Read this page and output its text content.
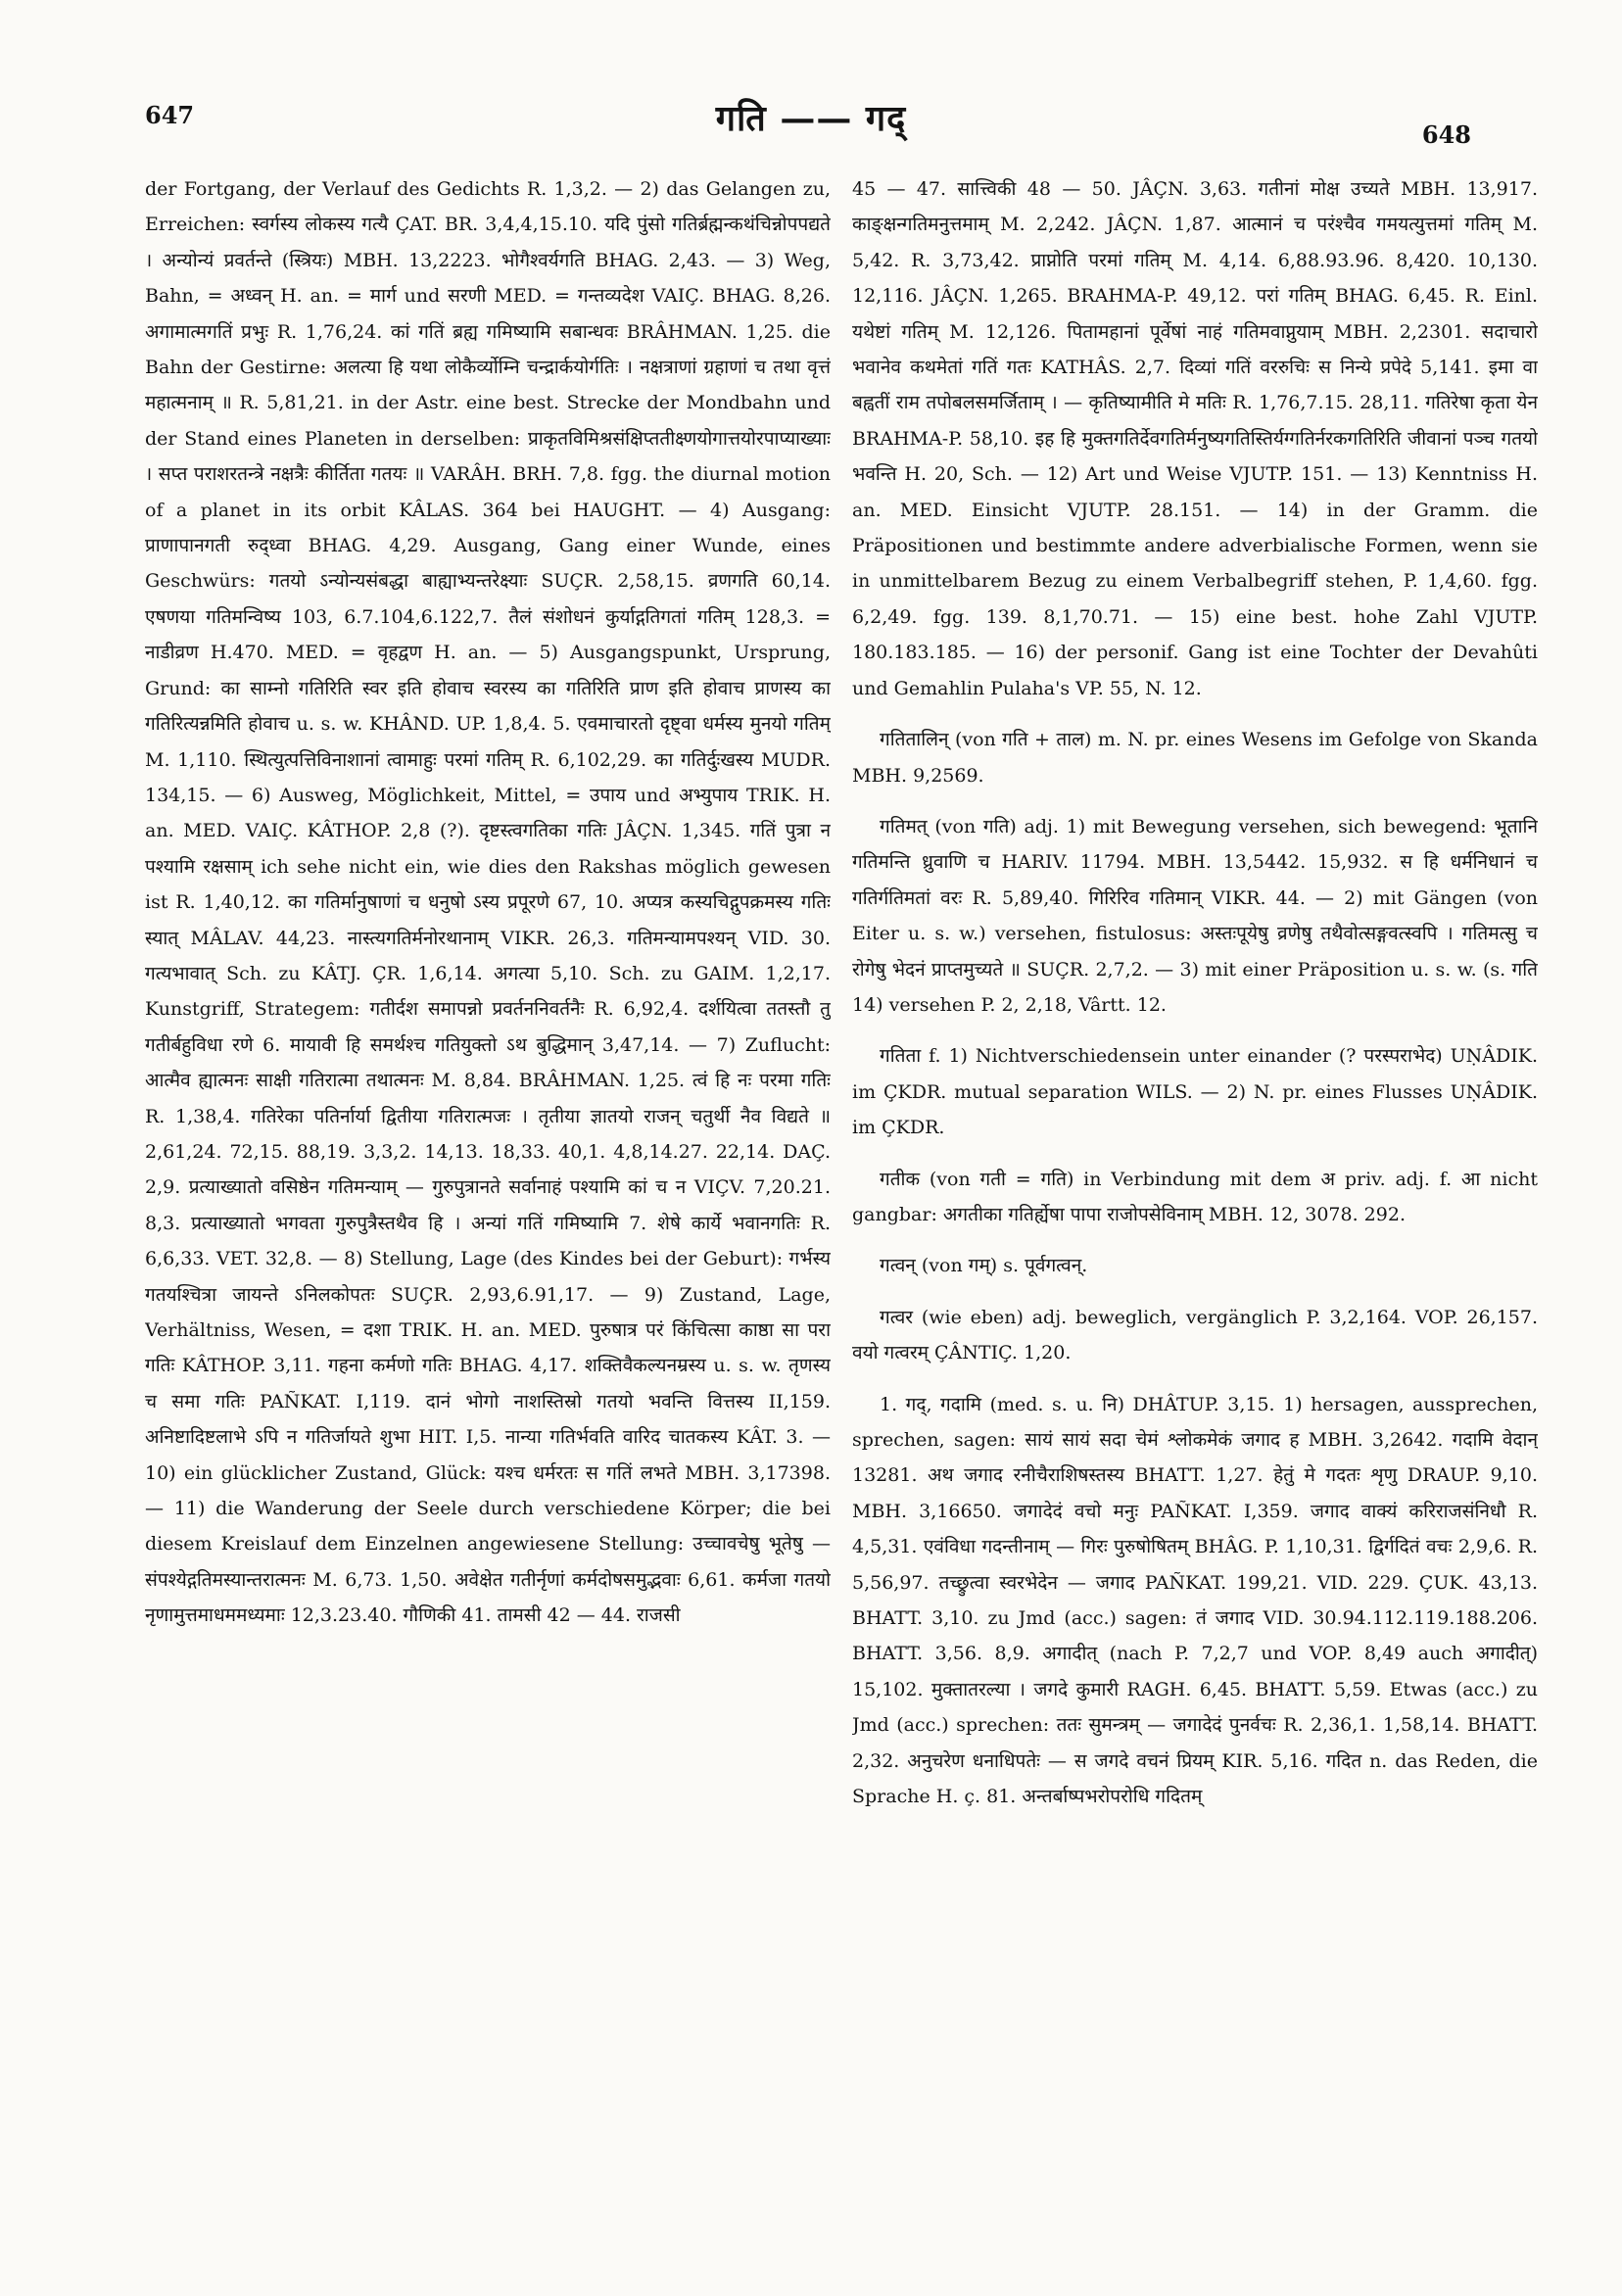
647	गति —— गद्	648

der Fortgang, der Verlauf des Gedichts R. 1,3,2. — 2) das Gelangen zu, Erreichen: स्वर्गस्य लोकस्य गत्यै ÇAT. BR. 3,4,4,15.10. यदि पुंसो गतिर्ब्रह्मन्कथंचिन्नोपपद्यते । अन्योन्यं प्रवर्तन्ते (स्त्रियः) MBH. 13,2223. भोगैश्वर्यगति BHAG. 2,43. — 3) Weg, Bahn, = अध्वन् H. an. = मार्ग und सरणी MED. = गन्तव्यदेश VAIÇ. BHAG. 8,26. अगामात्मगतिं प्रभुः R. 1,76,24. कां गतिं ब्रह्य गमिष्यामि सबान्धवः BRÂHMAN. 1,25. die Bahn der Gestirne: अलत्या हि यथा लोकैर्व्योम्नि चन्द्रार्कयोर्गतिः । नक्षत्राणां ग्रहाणां च तथा वृत्तं महात्मनाम् ॥ R. 5,81,21. in der Astr. eine best. Strecke der Mondbahn und der Stand eines Planeten in derselben: प्राकृतविमिश्रसंक्षिप्ततीक्ष्णयोगात्तयोरपाप्याख्याः । सप्त पराशरतन्त्रे नक्षत्रैः कीर्तिता गतयः ॥ VARÂH. BRH. 7,8. fgg. the diurnal motion of a planet in its orbit KÂLAS. 364 bei HAUGHT. — 4) Ausgang: प्राणापानगती रुद्ध्वा BHAG. 4,29. Ausgang, Gang einer Wunde, eines Geschwürs: गतयो ऽन्योन्यसंबद्धा बाह्याभ्यन्तरेक्ष्याः SUÇR. 2,58,15. व्रणगति 60,14. एषणया गतिमन्विष्य 103, 6.7.104,6.122,7. तैलं संशोधनं कुर्याद्गतिगतां गतिम् 128,3. = नाडीव्रण H.470. MED. = वृहद्वण H. an. — 5) Ausgangspunkt, Ursprung, Grund: का साम्नो गतिरिति स्वर इति होवाच स्वरस्य का गतिरिति प्राण इति होवाच प्राणस्य का गतिरित्यन्नमिति होवाच u. s. w. KHÂND. UP. 1,8,4. 5. एवमाचारतो दृष्ट्वा धर्मस्य मुनयो गतिम् M. 1,110. स्थित्युत्पत्तिविनाशानां त्वामाहुः परमां गतिम् R. 6,102,29. का गतिर्दुःखस्य MUDR. 134,15. — 6) Ausweg, Möglichkeit, Mittel, = उपाय und अभ्युपाय TRIK. H. an. MED. VAIÇ. KÂTHOP. 2,8 (?). दृष्टस्त्वगतिका गतिः JÂÇN. 1,345. गतिं पुत्रा न पश्यामि रक्षसाम् ich sehe nicht ein, wie dies den Rakshas möglich gewesen ist R. 1,40,12. का गतिर्मानुषाणां च धनुषो ऽस्य प्रपूरणे 67, 10. अप्यत्र कस्यचिद्गुपक्रमस्य गतिः स्यात् MÂLAV. 44,23. नास्त्यगतिर्मनोरथानाम् VIKR. 26,3. गतिमन्यामपश्यन् VID. 30. गत्यभावात् Sch. zu KÂTJ. ÇR. 1,6,14. अगत्या 5,10. Sch. zu GAIM. 1,2,17. Kunstgriff, Strategem: गतीर्दश समापन्नो प्रवर्तननिवर्तनैः R. 6,92,4. दर्शयित्वा ततस्तौ तु गतीर्बहुविधा रणे 6. मायावी हि समर्थश्च गतियुक्तो ऽथ बुद्धिमान् 3,47,14. — 7) Zuflucht: आत्मैव ह्यात्मनः साक्षी गतिरात्मा तथात्मनः M. 8,84. BRÂHMAN. 1,25. त्वं हि नः परमा गतिः R. 1,38,4. गतिरेका पतिर्नार्या द्वितीया गतिरात्मजः । तृतीया ज्ञातयो राजन् चतुर्थी नैव विद्यते ॥ 2,61,24. 72,15. 88,19. 3,3,2. 14,13. 18,33. 40,1. 4,8,14.27. 22,14. DAÇ. 2,9. प्रत्याख्यातो वसिष्ठेन गतिमन्याम् — गुरुपुत्रानते सर्वानाहं पश्यामि कां च न VIÇV. 7,20.21. 8,3. प्रत्याख्यातो भगवता गुरुपुत्रैस्तथैव हि । अन्यां गतिं गमिष्यामि 7. शेषे कार्ये भवानगतिः R. 6,6,33. VET. 32,8. — 8) Stellung, Lage (des Kindes bei der Geburt): गर्भस्य गतयश्चित्रा जायन्ते ऽनिलकोपतः SUÇR. 2,93,6.91,17. — 9) Zustand, Lage, Verhältniss, Wesen, = दशा TRIK. H. an. MED. पुरुषात्र परं किंचित्सा काष्ठा सा परा गतिः KÂTHOP. 3,11. गहना कर्मणो गतिः BHAG. 4,17. शक्तिवैकल्यनम्रस्य u. s. w. तृणस्य च समा गतिः PAÑKAT. I,119. दानं भोगो नाशस्तिस्रो गतयो भवन्ति वित्तस्य II,159. अनिष्टादिष्टलाभे ऽपि न गतिर्जायते शुभा HIT. I,5. नान्या गतिर्भवति वारिद चातकस्य KÂT. 3. — 10) ein glücklicher Zustand, Glück: यश्च धर्मरतः स गतिं लभते MBH. 3,17398. — 11) die Wanderung der Seele durch verschiedene Körper; die bei diesem Kreislauf dem Einzelnen angewiesene Stellung: उच्चावचेषु भूतेषु — संपश्येद्गतिमस्यान्तरात्मनः M. 6,73. 1,50. अवेक्षेत गतीर्नृणां कर्मदोषसमुद्भवाः 6,61. कर्मजा गतयो नृणामुत्तमाधममध्यमाः 12,3.23.40. गौणिकी 41. तामसी 42 — 44. राजसी

45 — 47. सात्त्विकी 48 — 50. JÂÇN. 3,63. गतीनां मोक्ष उच्यते MBH. 13,917. काङ्क्षन्गतिमनुत्तमाम् M. 2,242. JÂÇN. 1,87. आत्मानं च परंश्चैव गमयत्युत्तमां गतिम् M. 5,42. R. 3,73,42. प्राप्नोति परमां गतिम् M. 4,14. 6,88.93.96. 8,420. 10,130. 12,116. JÂÇN. 1,265. BRAHMA-P. 49,12. परां गतिम् BHAG. 6,45. R. Einl. यथेष्टां गतिम् M. 12,126. पितामहानां पूर्वेषां नाहं गतिमवाप्नुयाम् MBH. 2,2301. सदाचारो भवानेव कथमेतां गतिं गतः KATHÂS. 2,7. दिव्यां गतिं वररुचिः स निन्ये प्रपेदे 5,141. इमा वा बह्वतीं राम तपोबलसमर्जिताम् । — कृतिष्यामीति मे मतिः R. 1,76,7.15. 28,11. गतिरेषा कृता येन BRAHMA-P. 58,10. इह हि मुक्तगतिर्देवगतिर्मनुष्यगतिस्तिर्यग्गतिर्नरकगतिरिति जीवानां पञ्च गतयो भवन्ति H. 20, Sch. — 12) Art und Weise VJUTP. 151. — 13) Kenntniss H. an. MED. Einsicht VJUTP. 28.151. — 14) in der Gramm. die Präpositionen und bestimmte andere adverbialische Formen, wenn sie in unmittelbarem Bezug zu einem Verbalbegriff stehen, P. 1,4,60. fgg. 6,2,49. fgg. 139. 8,1,70.71. — 15) eine best. hohe Zahl VJUTP. 180.183.185. — 16) der personif. Gang ist eine Tochter der Devahûti und Gemahlin Pulaha's VP. 55, N. 12.

गतितालिन् (von गति + ताल) m. N. pr. eines Wesens im Gefolge von Skanda MBH. 9,2569.

गतिमत् (von गति) adj. 1) mit Bewegung versehen, sich bewegend: भूतानि गतिमन्ति ध्रुवाणि च HARIV. 11794. MBH. 13,5442. 15,932. स हि धर्मनिधानं च गतिर्गतिमतां वरः R. 5,89,40. गिरिरिव गतिमान् VIKR. 44. — 2) mit Gängen (von Eiter u. s. w.) versehen, fistulosus: अस्तःपूयेषु व्रणेषु तथैवोत्सङ्गवत्स्वपि । गतिमत्सु च रोगेषु भेदनं प्राप्तमुच्यते ॥ SUÇR. 2,7,2. — 3) mit einer Präposition u. s. w. (s. गति 14) versehen P. 2, 2,18, Vârtt. 12.

गतिता f. 1) Nichtverschiedensein unter einander (? परस्पराभेद) UṆÂDIK. im ÇKDR. mutual separation WILS. — 2) N. pr. eines Flusses UṆÂDIK. im ÇKDR.

गतीक (von गती = गति) in Verbindung mit dem अ priv. adj. f. आ nicht gangbar: अगतीका गतिर्ह्येषा पापा राजोपसेविनाम् MBH. 12, 3078. 292.

गत्वन् (von गम्) s. पूर्वगत्वन्.

गत्वर (wie eben) adj. beweglich, vergänglich P. 3,2,164. VOP. 26,157. वयो गत्वरम् ÇÂNTIÇ. 1,20.

1. गद्, गदामि (med. s. u. नि) DHÂTUP. 3,15. 1) hersagen, aussprechen, sprechen, sagen: सायं सायं सदा चेमं श्लोकमेकं जगाद ह MBH. 3,2642. गदामि वेदान् 13281. अथ जगाद रनीचैराशिषस्तस्य BHATT. 1,27. हेतुं मे गदतः शृणु DRAUP. 9,10. MBH. 3,16650. जगादेदं वचो मनुः PAÑKAT. I,359. जगाद वाक्यं करिराजसंनिधौ R. 4,5,31. एवंविधा गदन्तीनाम् — गिरः पुरुषोषितम् BHÂG. P. 1,10,31. द्विर्गदितं वचः 2,9,6. R. 5,56,97. तच्छ्रुत्वा स्वरभेदेन — जगाद PAÑKAT. 199,21. VID. 229. ÇUK. 43,13. BHATT. 3,10. zu Jmd (acc.) sagen: तं जगाद VID. 30.94.112.119.188.206. BHATT. 3,56. 8,9. अगादीत् (nach P. 7,2,7 und VOP. 8,49 auch अगादीत्) 15,102. मुक्तातरल्या । जगदे कुमारी RAGH. 6,45. BHATT. 5,59. Etwas (acc.) zu Jmd (acc.) sprechen: ततः सुमन्त्रम् — जगादेदं पुनर्वचः R. 2,36,1. 1,58,14. BHATT. 2,32. अनुचरेण धनाधिपतेः — स जगदे वचनं प्रियम् KIR. 5,16. गदित n. das Reden, die Sprache H. ç. 81. अन्तर्बाष्पभरोपरोधि गदितम्
